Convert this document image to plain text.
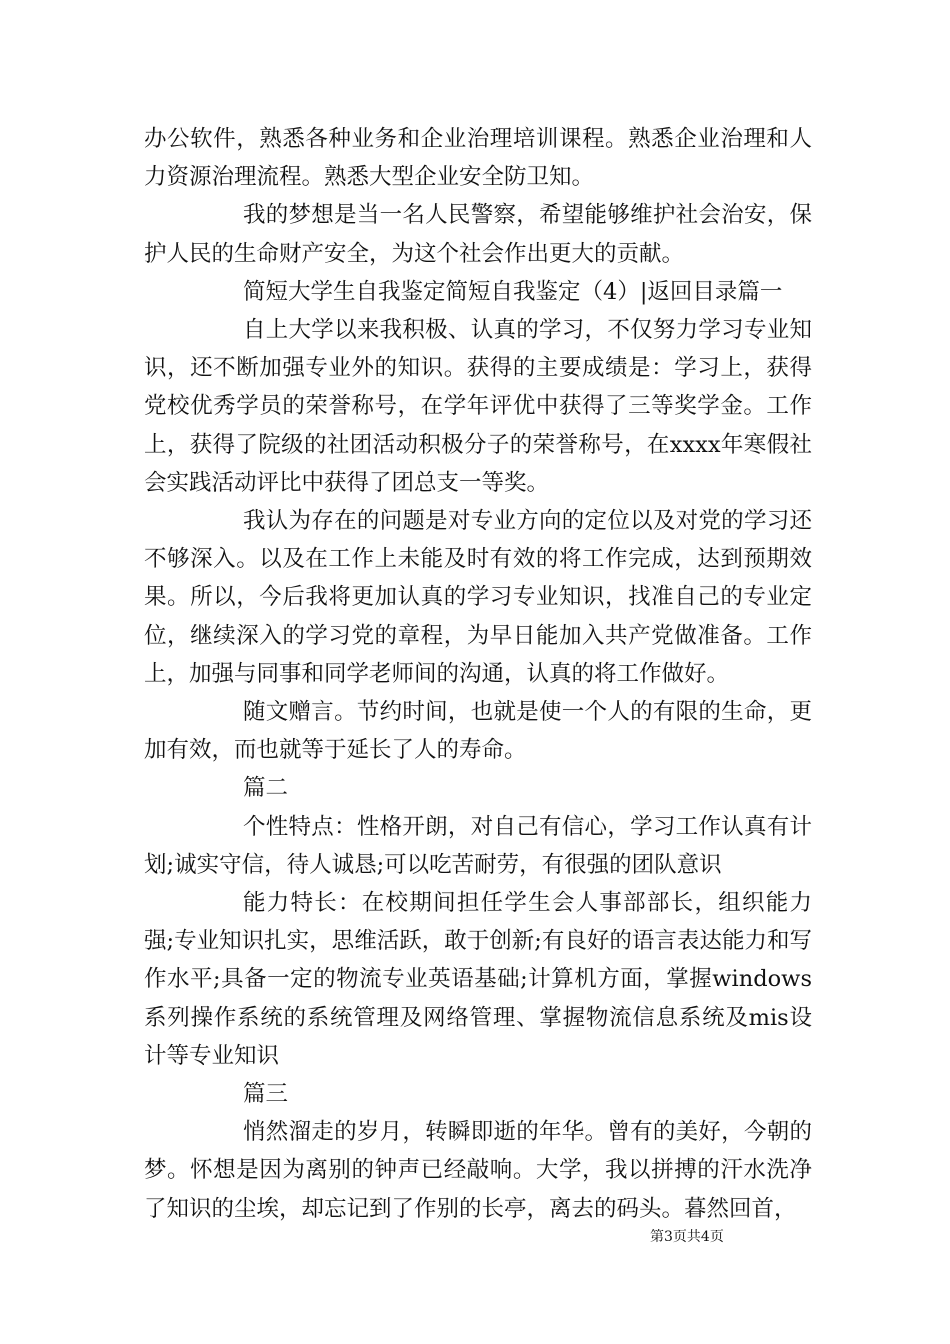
办公软件，熟悉各种业务和企业治理培训课程。熟悉企业治理和人力资源治理流程。熟悉大型企业安全防卫知。

我的梦想是当一名人民警察，希望能够维护社会治安，保护人民的生命财产安全，为这个社会作出更大的贡献。

简短大学生自我鉴定简短自我鉴定（4）|返回目录篇一

自上大学以来我积极、认真的学习，不仅努力学习专业知识，还不断加强专业外的知识。获得的主要成绩是：学习上，获得党校优秀学员的荣誉称号，在学年评优中获得了三等奖学金。工作上，获得了院级的社团活动积极分子的荣誉称号，在xxxx年寒假社会实践活动评比中获得了团总支一等奖。

我认为存在的问题是对专业方向的定位以及对党的学习还不够深入。以及在工作上未能及时有效的将工作完成，达到预期效果。所以，今后我将更加认真的学习专业知识，找准自己的专业定位，继续深入的学习党的章程，为早日能加入共产党做准备。工作上，加强与同事和同学老师间的沟通，认真的将工作做好。

随文赠言。节约时间，也就是使一个人的有限的生命，更加有效，而也就等于延长了人的寿命。

篇二

个性特点：性格开朗，对自己有信心，学习工作认真有计划;诚实守信，待人诚恳;可以吃苦耐劳，有很强的团队意识

能力特长：在校期间担任学生会人事部部长，组织能力强;专业知识扎实，思维活跃，敢于创新;有良好的语言表达能力和写作水平;具备一定的物流专业英语基础;计算机方面，掌握windows系列操作系统的系统管理及网络管理、掌握物流信息系统及mis设计等专业知识

篇三

悄然溜走的岁月，转瞬即逝的年华。曾有的美好，今朝的梦。怀想是因为离别的钟声已经敲响。大学，我以拼搏的汗水洗净了知识的尘埃，却忘记到了作别的长亭，离去的码头。暮然回首，

第3页共4页
